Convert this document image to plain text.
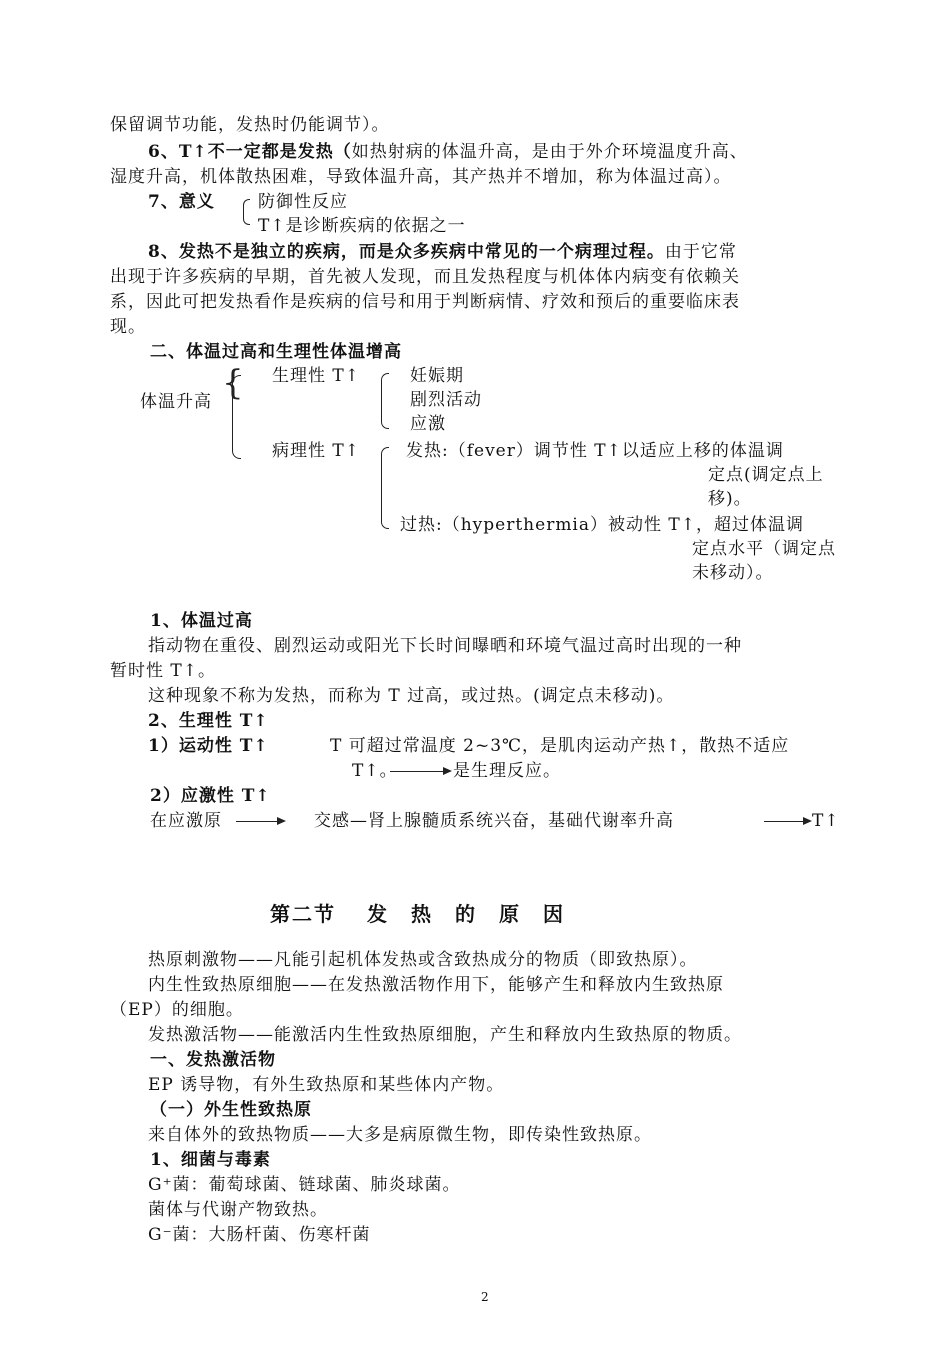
保留调节功能，发热时仍能调节）。
6、T↑不一定都是发热（如热射病的体温升高，是由于外介环境温度升高、
湿度升高，机体散热困难，导致体温升高，其产热并不增加，称为体温过高）。
7、意义	防御性反应
T↑是诊断疾病的依据之一
8、发热不是独立的疾病，而是众多疾病中常见的一个病理过程。由于它常
出现于许多疾病的早期，首先被人发现，而且发热程度与机体体内病变有依赖关
系，因此可把发热看作是疾病的信号和用于判断病情、疗效和预后的重要临床表
现。
二、体温过高和生理性体温增高
体温升高 { 生理性 T↑	妊娠期
剧烈活动
应激
病理性 T↑	发热:（fever）调节性 T↑以适应上移的体温调
定点(调定点上
移)。
过热:（hyperthermia）被动性 T↑，超过体温调
定点水平（调定点
未移动）。
1、体温过高
指动物在重役、剧烈运动或阳光下长时间曝晒和环境气温过高时出现的一种
暂时性 T↑。
这种现象不称为发热，而称为 T 过高，或过热。(调定点未移动)。
2、生理性 T↑
1）运动性 T↑	T 可超过常温度 2~3℃，是肌肉运动产热↑，散热不适应
T↑。	是生理反应。
2）应激性 T↑
在应激原	交感—肾上腺髓质系统兴奋，基础代谢率升高	T↑
第二节　 发　热　的　原　因
热原刺激物——凡能引起机体发热或含致热成分的物质（即致热原）。
内生性致热原细胞——在发热激活物作用下，能够产生和释放内生致热原
（EP）的细胞。
发热激活物——能激活内生性致热原细胞，产生和释放内生致热原的物质。
一、发热激活物
EP 诱导物，有外生致热原和某些体内产物。
（一）外生性致热原
来自体外的致热物质——大多是病原微生物，即传染性致热原。
1、细菌与毒素
G⁺菌：葡萄球菌、链球菌、肺炎球菌。
菌体与代谢产物致热。
G⁻菌：大肠杆菌、伤寒杆菌
2
